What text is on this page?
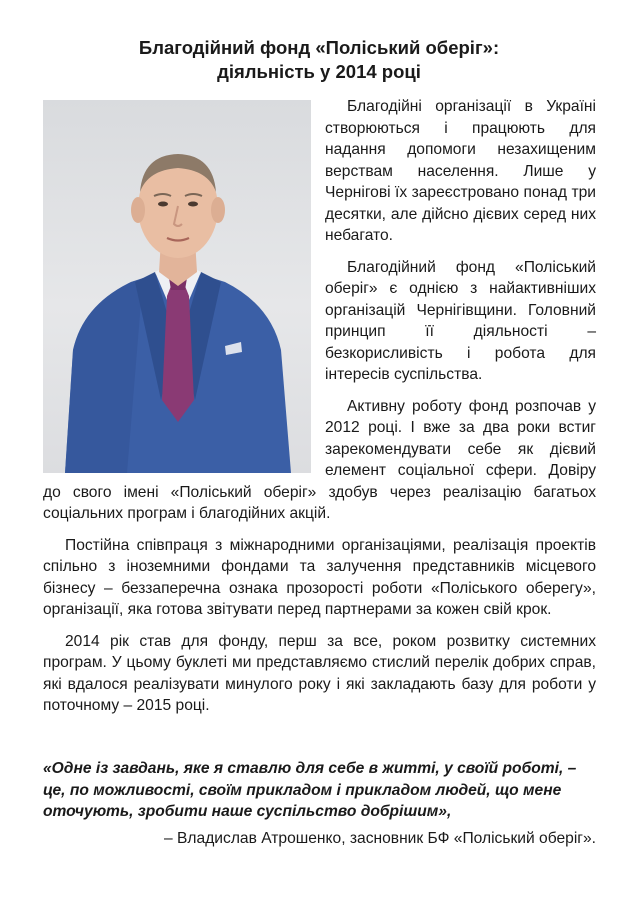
Благодійний фонд «Поліський оберіг»:
діяльність у 2014 році

Благодійні організації в Україні створюються і працюють для надання допомоги незахищеним верствам населення. Лише у Чернігові їх зареєстровано понад три десятки, але дійсно дієвих серед них небагато.

Благодійний фонд «Поліський оберіг» є однією з найактивніших організацій Чернігівщини. Головний принцип її діяльності – безкорисливість і робота для інтересів суспільства.

Активну роботу фонд розпочав у 2012 році. І вже за два роки встиг зарекомендувати себе як дієвий елемент соціальної сфери. Довіру до свого імені «Поліський оберіг» здобув через реалізацію багатьох соціальних програм і благодійних акцій.

Постійна співпраця з міжнародними організаціями, реалізація проектів спільно з іноземними фондами та залучення представників місцевого бізнесу – беззаперечна ознака прозорості роботи «Поліського оберегу», організації, яка готова звітувати перед партнерами за кожен свій крок.

2014 рік став для фонду, перш за все, роком розвитку системних програм. У цьому буклеті ми представляємо стислий перелік добрих справ, які вдалося реалізувати минулого року і які закладають базу для роботи у поточному – 2015 році.

«Одне із завдань, яке я ставлю для себе в житті, у своїй роботі, – це, по можливості, своїм прикладом і прикладом людей, що мене оточують, зробити наше суспільство добрішим»,
– Владислав Атрошенко, засновник БФ «Поліський оберіг».
